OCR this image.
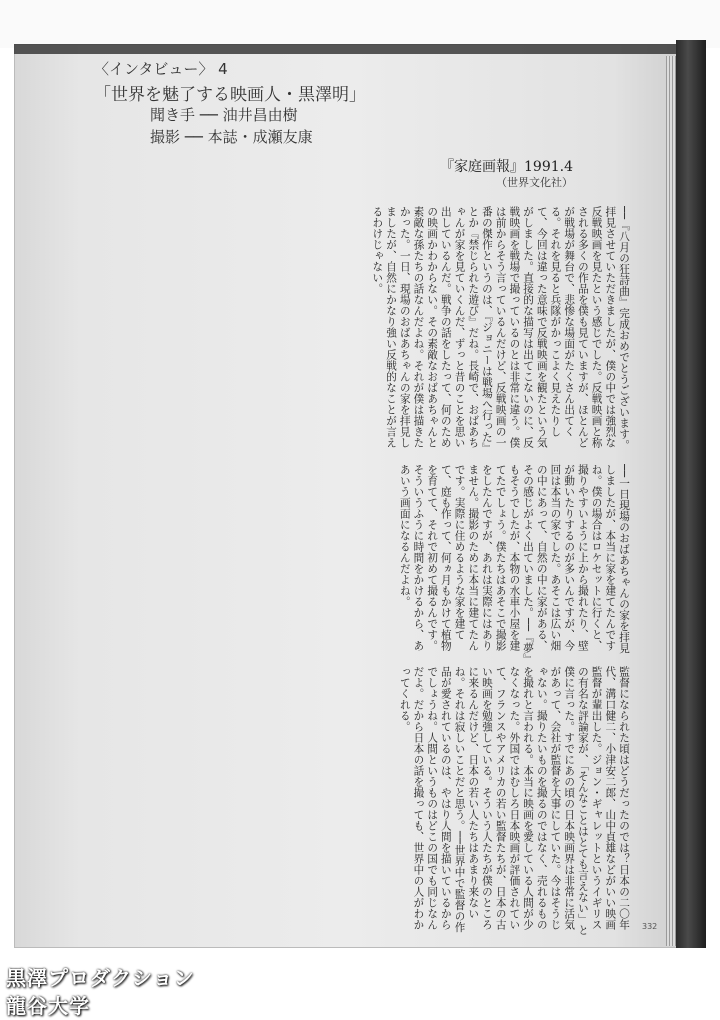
〈インタビュー〉 4
「世界を魅了する映画人・黒澤明」
聞き手 ── 油井昌由樹
撮影 ── 本誌・成瀬友康
『家庭画報』1991.4
（世界文化社）
──『八月の狂詩曲』完成おめでとうございます。拝見させていただきましたが、僕の中では強烈な反戦映画を見たという感じでした。反戦映画と称される多くの作品を僕も見ていますが、ほとんどが戦場が舞台で、悲惨な場面がたくさん出てくる。それを見ると兵隊がかっこよく見えたりして、今回は違った意味で反戦映画を観たという気がしました。直接的な描写は出てこないのに、反戦映画を戦場で撮っているのとは非常に違う。僕は前からそう言っているんだけど、反戦映画の一番の傑作というのは、『ジョニーは戦場へ行った』とか『禁じられた遊び』だね。長崎で、おばあちゃんが家を見ていくんだ、ずっと昔のことを思い出しているんだ。戦争の話をしたって、何のための映画かわからない。その素敵なおばあちゃんと素敵な孫たちの話なんだよね。それが僕は描きたかった。一日、現場のおばあちゃんの家を拝見しましたが、自然にかなり強い反戦的なことが言えるわけじゃない。
──一日現場のおばあちゃんの家を拝見しましたが、本当に家を建てたんですね。僕の場合はロケセットに行くと、撮りやすいように上から撮れたり、壁が動いたりするのが多いんですが、今回は本当の家でした。あそこは広い畑の中にあって、自然の中に家がある、その感じがよく出ていました。──『夢』もそうでしたが、本物の水車小屋を建てたでしょう。僕たちはあそこで撮影をしたんですが、あれは実際にはありません。撮影のために本当に建てたんです。実際に住めるような家を建てて、庭も作って、何ヵ月もかけて植物を育てて、それで初めて撮るんです。そういうふうに時間をかけるから、ああいう画面になるんだよね。
監督になられた頃はどうだったのでは？日本の二〇年代、溝口健二、小津安二郎、山中貞雄などがいい映画監督が輩出した。ジョン・ギャレットというイギリスの有名な評論家が、「そんなことはとても言えない」と僕に言った。すでにあの頃の日本映画界は非常に活気があって、会社が監督を大事にしていた。今はそうじゃない。撮りたいものを撮るのではなく、売れるものを撮れと言われる。本当に映画を愛している人間が少なくなった。外国ではむしろ日本映画が評価されていて、フランスやアメリカの若い監督たちが、日本の古い映画を勉強している。そういう人たちが僕のところに来るんだけど、日本の若い人たちはあまり来ないね。それは寂しいことだと思う。──世界中で監督の作品が愛されているのは、やはり人間を描いているからでしょうね。人間というものはどこの国でも同じなんだよ。だから日本の話を撮っても、世界中の人がわかってくれる。
332
黒澤プロダクション
龍谷大学
